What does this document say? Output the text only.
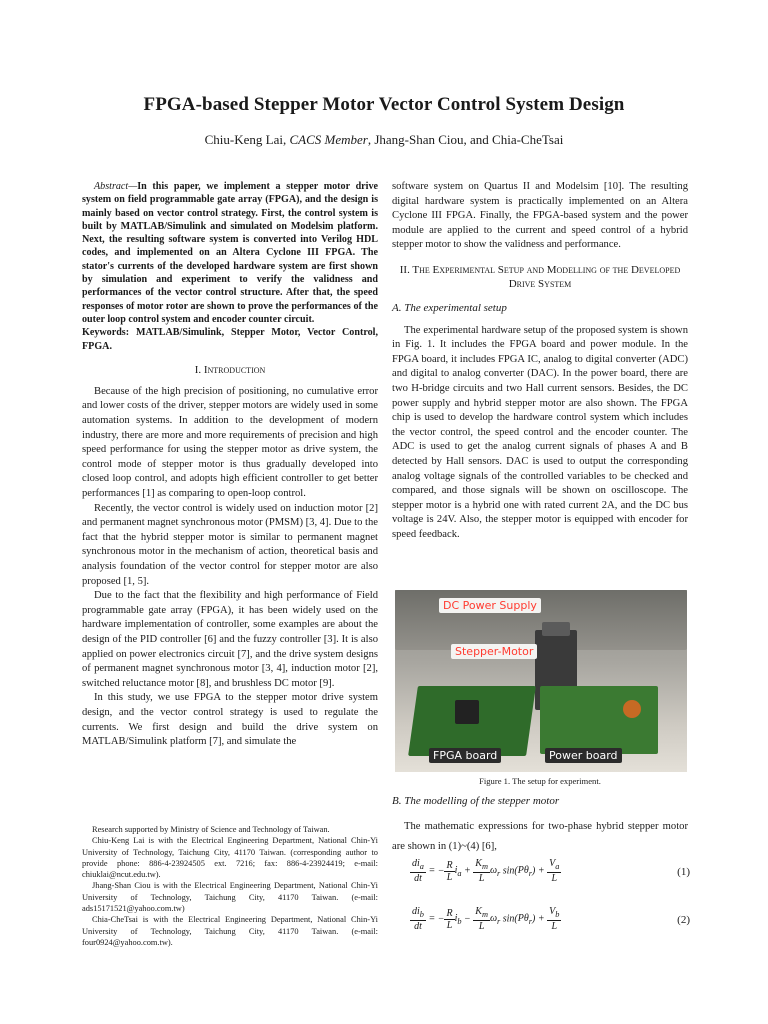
FPGA-based Stepper Motor Vector Control System Design
Chiu-Keng Lai, CACS Member, Jhang-Shan Ciou, and Chia-CheTsai

Abstract—In this paper, we implement a stepper motor drive system on field programmable gate array (FPGA), and the design is mainly based on vector control strategy. First, the control system is built by MATLAB/Simulink and simulated on Modelsim platform. Next, the resulting software system is converted into Verilog HDL codes, and implemented on an Altera Cyclone III FPGA. The stator's currents of the developed hardware system are first shown by simulation and experiment to verify the validness and performances of the vector control structure. After that, the speed responses of motor rotor are shown to prove the performances of the outer loop control system and encoder counter circuit.

Keywords: MATLAB/Simulink, Stepper Motor, Vector Control, FPGA.

I. Introduction

Because of the high precision of positioning, no cumulative error and lower costs of the driver, stepper motors are widely used in some automation systems. In addition to the development of modern industry, there are more and more requirements of precision and high speed performance for using the stepper motor as drive system, the control mode of stepper motor is thus gradually developed into closed loop control, and adopts high efficient controller to get better performances [1] as comparing to open-loop control.

Recently, the vector control is widely used on induction motor [2] and permanent magnet synchronous motor (PMSM) [3, 4]. Due to the fact that the hybrid stepper motor is similar to permanent magnet synchronous motor in the mechanism of action, theoretical basis and analysis foundation of the vector control for stepper motor are also proposed [1, 5].

Due to the fact that the flexibility and high performance of Field programmable gate array (FPGA), it has been widely used on the hardware implementation of controller, some examples are about the design of the PID controller [6] and the fuzzy controller [3]. It is also applied on power electronics circuit [7], and the drive system designs of permanent magnet synchronous motor [3, 4], induction motor [2], switched reluctance motor [8], and brushless DC motor [9].

In this study, we use FPGA to the stepper motor drive system design, and the vector control strategy is used to regulate the currents. We first design and build the drive system on MATLAB/Simulink platform [7], and simulate the

Research supported by Ministry of Science and Technology of Taiwan.

Chiu-Keng Lai is with the Electrical Engineering Department, National Chin-Yi University of Technology, Taichung City, 41170 Taiwan. (corresponding author to provide phone: 886-4-23924505 ext. 7216; fax: 886-4-23924419; e-mail: chiuklai@ncut.edu.tw).

Jhang-Shan Ciou is with the Electrical Engineering Department, National Chin-Yi University of Technology, Taichung City, 41170 Taiwan. (e-mail: ads15171521@yahoo.com.tw)

Chia-CheTsai is with the Electrical Engineering Department, National Chin-Yi University of Technology, Taichung City, 41170 Taiwan. (e-mail: four0924@yahoo.com.tw).

software system on Quartus II and Modelsim [10]. The resulting digital hardware system is practically implemented on an Altera Cyclone III FPGA. Finally, the FPGA-based system and the power module are applied to the current and speed control of a hybrid stepper motor to show the validness and performance.

II. The Experimental Setup and Modelling of the Developed Drive System
A. The experimental setup

The experimental hardware setup of the proposed system is shown in Fig. 1. It includes the FPGA board and power module. In the FPGA board, it includes FPGA IC, analog to digital converter (ADC) and digital to analog converter (DAC). In the power board, there are two H-bridge circuits and two Hall current sensors. Besides, the DC power supply and hybrid stepper motor are also shown. The FPGA chip is used to develop the hardware control system which includes the vector control, the speed control and the encoder counter. The ADC is used to get the analog current signals of phases A and B detected by Hall sensors. DAC is used to output the corresponding analog voltage signals of the controlled variables to be checked and compared, and those signals will be shown on oscilloscope. The stepper motor is a hybrid one with rated current 2A, and the DC bus voltage is 24V. Also, the stepper motor is equipped with encoder for speed feedback.

DC Power Supply
Stepper-Motor
FPGA board	Power board
Figure 1. The setup for experiment.
B. The modelling of the stepper motor

The mathematic expressions for two-phase hybrid stepper motor are shown in (1)~(4) [6],

$\frac{di_a}{dt}$ = − $\frac{R}{L} i_a + \frac{K_m}{L} \omega_r$ $\sin(P\theta_r) + \frac{V_a}{L}$	(1)
$\frac{di_b}{dt}$ = − $\frac{R}{L} i_b - \frac{K_m}{L} \omega_r$ $\sin(P\theta_r) + \frac{V_b}{L}$	(2)
